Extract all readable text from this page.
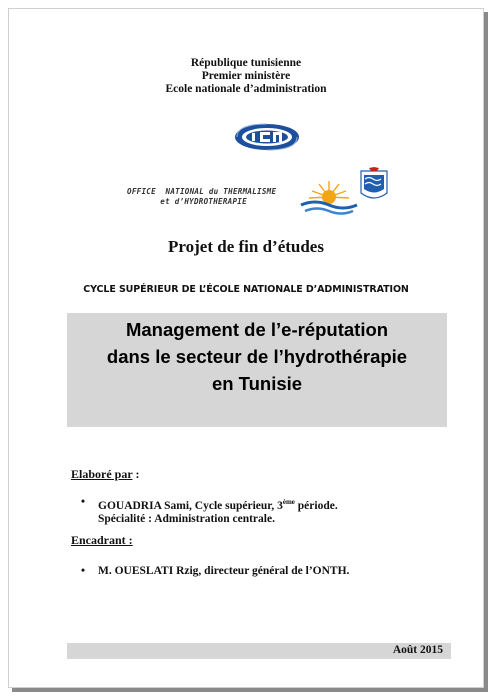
République tunisienne
Premier ministère
Ecole nationale d’administration
OFFICE  NATIONAL du THERMALISME
et d’HYDROTHERAPIE
Projet de fin d’études
CYCLE SUPÉRIEUR DE L’ÉCOLE NATIONALE D’ADMINISTRATION
Management de l’e-réputation
dans le secteur de l’hydrothérapie
en Tunisie
Elaboré par :
• GOUADRIA Sami, Cycle supérieur, 3ème période.
Spécialité : Administration centrale.
Encadrant :
• M. OUESLATI Rzig, directeur général de l’ONTH.
Août 2015
